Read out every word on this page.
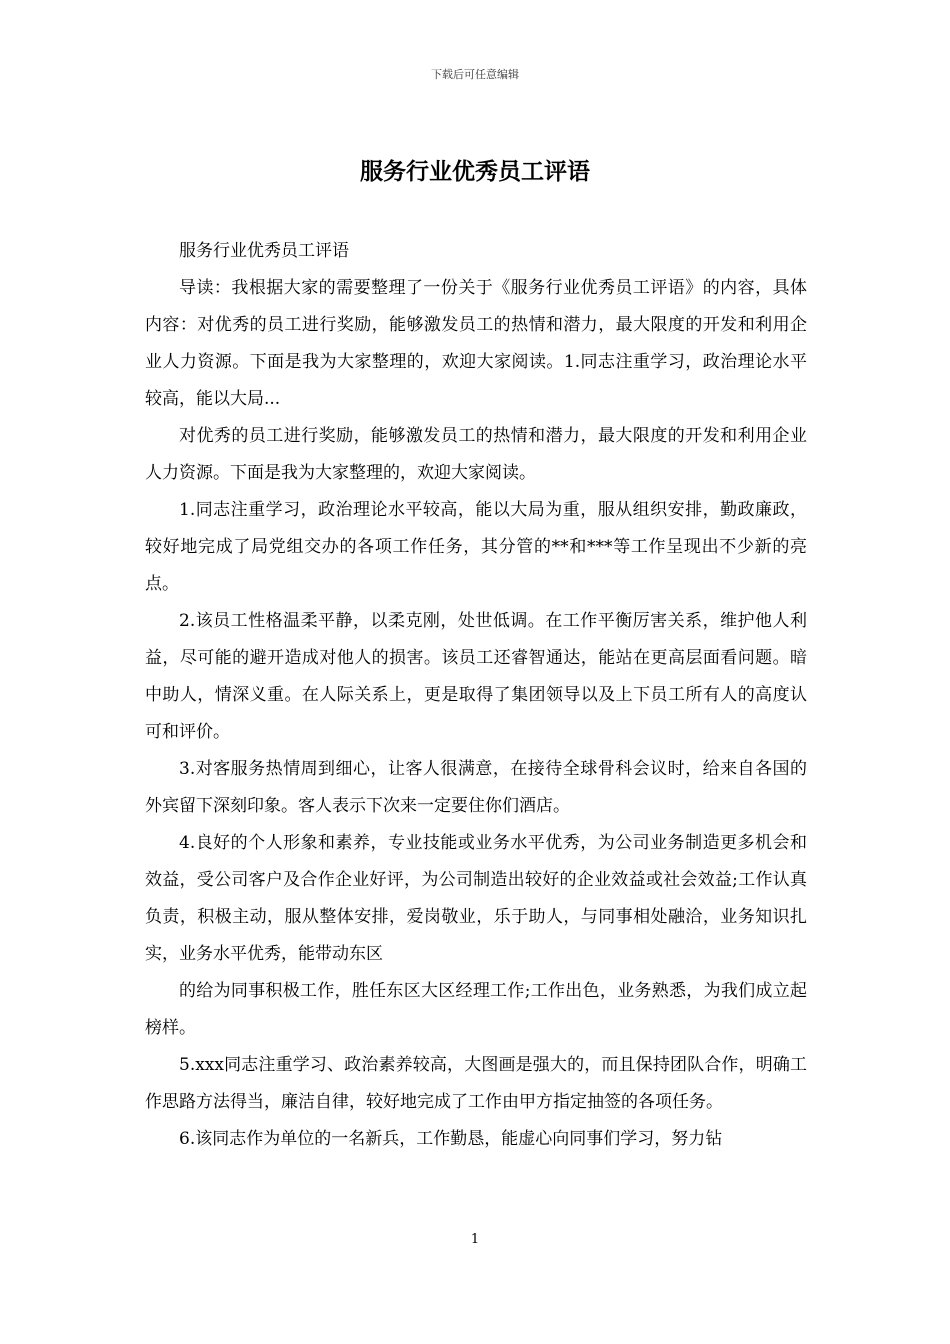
下载后可任意编辑
服务行业优秀员工评语

服务行业优秀员工评语

导读：我根据大家的需要整理了一份关于《服务行业优秀员工评语》的内容，具体内容：对优秀的员工进行奖励，能够激发员工的热情和潜力，最大限度的开发和利用企业人力资源。下面是我为大家整理的，欢迎大家阅读。1.同志注重学习，政治理论水平较高，能以大局...

对优秀的员工进行奖励，能够激发员工的热情和潜力，最大限度的开发和利用企业人力资源。下面是我为大家整理的，欢迎大家阅读。

1.同志注重学习，政治理论水平较高，能以大局为重，服从组织安排，勤政廉政，较好地完成了局党组交办的各项工作任务，其分管的**和***等工作呈现出不少新的亮点。

2.该员工性格温柔平静，以柔克刚，处世低调。在工作平衡厉害关系，维护他人利益，尽可能的避开造成对他人的损害。该员工还睿智通达，能站在更高层面看问题。暗中助人，情深义重。在人际关系上，更是取得了集团领导以及上下员工所有人的高度认可和评价。

3.对客服务热情周到细心，让客人很满意，在接待全球骨科会议时，给来自各国的外宾留下深刻印象。客人表示下次来一定要住你们酒店。

4.良好的个人形象和素养，专业技能或业务水平优秀，为公司业务制造更多机会和效益，受公司客户及合作企业好评，为公司制造出较好的企业效益或社会效益;工作认真负责，积极主动，服从整体安排，爱岗敬业，乐于助人，与同事相处融洽，业务知识扎实，业务水平优秀，能带动东区

的给为同事积极工作，胜任东区大区经理工作;工作出色，业务熟悉，为我们成立起榜样。

5.xxx同志注重学习、政治素养较高，大图画是强大的，而且保持团队合作，明确工作思路方法得当，廉洁自律，较好地完成了工作由甲方指定抽签的各项任务。

6.该同志作为单位的一名新兵，工作勤恳，能虚心向同事们学习，努力钻

1
